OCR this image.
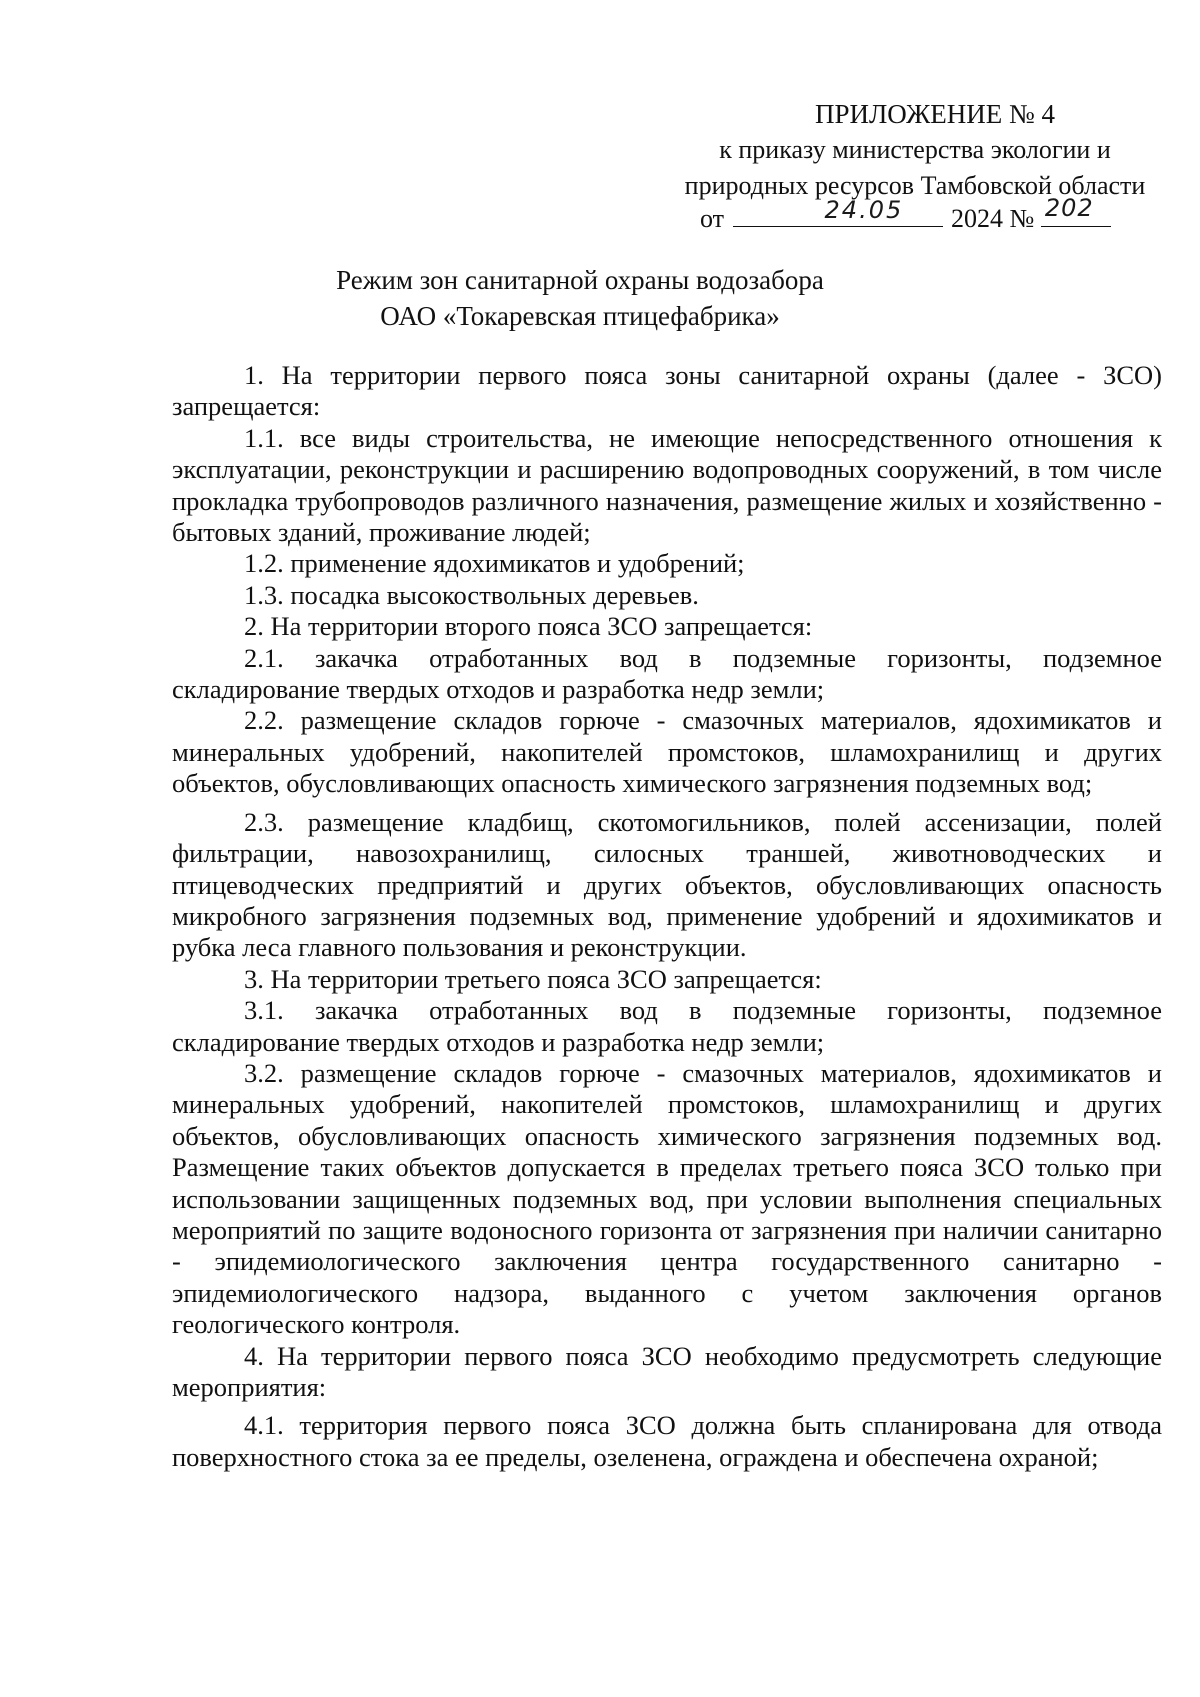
ПРИЛОЖЕНИЕ № 4
к приказу министерства экологии и
природных ресурсов Тамбовской области
от	24.05 2024 № 202
Режим зон санитарной охраны водозабора
ОАО «Токаревская птицефабрика»

1. На территории первого пояса зоны санитарной охраны (далее - ЗСО) запрещается:

1.1. все виды строительства, не имеющие непосредственного отношения к эксплуатации, реконструкции и расширению водопроводных сооружений, в том числе прокладка трубопроводов различного назначения, размещение жилых и хозяйственно - бытовых зданий, проживание людей;

1.2. применение ядохимикатов и удобрений;

1.3. посадка высокоствольных деревьев.

2. На территории второго пояса ЗСО запрещается:

2.1. закачка отработанных вод в подземные горизонты, подземное складирование твердых отходов и разработка недр земли;

2.2. размещение складов горюче - смазочных материалов, ядохимикатов и минеральных удобрений, накопителей промстоков, шламохранилищ и других объектов, обусловливающих опасность химического загрязнения подземных вод;

2.3. размещение кладбищ, скотомогильников, полей ассенизации, полей фильтрации, навозохранилищ, силосных траншей, животноводческих и птицеводческих предприятий и других объектов, обусловливающих опасность микробного загрязнения подземных вод, применение удобрений и ядохимикатов и рубка леса главного пользования и реконструкции.

3. На территории третьего пояса ЗСО запрещается:

3.1. закачка отработанных вод в подземные горизонты, подземное складирование твердых отходов и разработка недр земли;

3.2. размещение складов горюче - смазочных материалов, ядохимикатов и минеральных удобрений, накопителей промстоков, шламохранилищ и других объектов, обусловливающих опасность химического загрязнения подземных вод. Размещение таких объектов допускается в пределах третьего пояса ЗСО только при использовании защищенных подземных вод, при условии выполнения специальных мероприятий по защите водоносного горизонта от загрязнения при наличии санитарно - эпидемиологического заключения центра государственного санитарно - эпидемиологического надзора, выданного с учетом заключения органов геологического контроля.

4. На территории первого пояса ЗСО необходимо предусмотреть следующие мероприятия:

4.1. территория первого пояса ЗСО должна быть спланирована для отвода поверхностного стока за ее пределы, озеленена, ограждена и обеспечена охраной;
